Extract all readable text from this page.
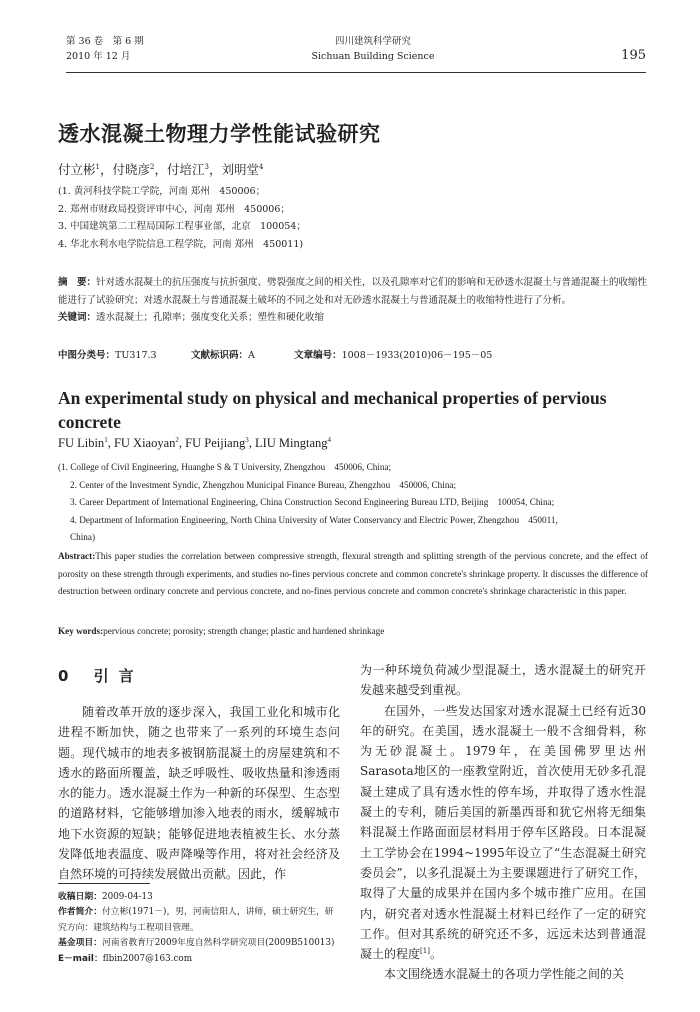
第 36 卷　第 6 期
2010 年 12 月
四川建筑科学研究
Sichuan Building Science	195
透水混凝土物理力学性能试验研究
付立彬$^1$，付晓彦$^2$，付培江$^3$，刘明堂$^4$
(1. 黄河科技学院工学院，河南 郑州　450006；
2. 郑州市财政局投资评审中心，河南 郑州　450006；
3. 中国建筑第二工程局国际工程事业部，北京　100054；
4. 华北水利水电学院信息工程学院，河南 郑州　450011)
摘　要：针对透水混凝土的抗压强度与抗折强度、劈裂强度之间的相关性，以及孔隙率对它们的影响和无砂透水混凝土与普通混凝土的收缩性能进行了试验研究；对透水混凝土与普通混凝土破坏的不同之处和对无砂透水混凝土与普通混凝土的收缩特性进行了分析。
关键词：透水混凝土；孔隙率；强度变化关系；塑性和硬化收缩
中图分类号：TU317.3	文献标识码：A	文章编号：1008－1933(2010)06－195－05
An experimental study on physical and mechanical properties of pervious concrete
FU Libin$^1$, FU Xiaoyan$^2$, FU Peijiang$^3$, LIU Mingtang$^4$
(1. College of Civil Engineering, Huanghe S & T University, Zhengzhou　450006, China;
2. Center of the Investment Syndic, Zhengzhou Municipal Finance Bureau, Zhengzhou　450006, China;
3. Career Department of International Engineering, China Construction Second Engineering Bureau LTD, Beijing　100054, China;
4. Department of Information Engineering, North China University of Water Conservancy and Electric Power, Zhengzhou　450011,
China)
Abstract:This paper studies the correlation between compressive strength, flexural strength and splitting strength of the pervious concrete, and the effect of porosity on these strength through experiments, and studies no-fines pervious concrete and common concrete's shrinkage property. It discusses the difference of destruction between ordinary concrete and pervious concrete, and no-fines pervious concrete and common concrete's shrinkage characteristic in this paper.
Key words:pervious concrete; porosity; strength change; plastic and hardened shrinkage
0 引言
随着改革开放的逐步深入，我国工业化和城市化进程不断加快，随之也带来了一系列的环境生态问题。现代城市的地表多被钢筋混凝土的房屋建筑和不透水的路面所覆盖，缺乏呼吸性、吸收热量和渗透雨水的能力。透水混凝土作为一种新的环保型、生态型的道路材料，它能够增加渗入地表的雨水，缓解城市地下水资源的短缺；能够促进地表植被生长、水分蒸发降低地表温度、吸声降噪等作用，将对社会经济及自然环境的可持续发展做出贡献。因此，作
为一种环境负荷减少型混凝土，透水混凝土的研究开发越来越受到重视。
在国外，一些发达国家对透水混凝土已经有近30年的研究。在美国，透水混凝土一般不含细骨料，称为无砂混凝土。1979年，在美国佛罗里达州Sarasota地区的一座教堂附近，首次使用无砂多孔混凝土建成了具有透水性的停车场，并取得了透水性混凝土的专利，随后美国的新墨西哥和犹它州将无细集料混凝土作路面面层材料用于停车区路段。日本混凝土工学协会在1994~1995年设立了“生态混凝土研究委员会”，以多孔混凝土为主要课题进行了研究工作，取得了大量的成果并在国内多个城市推广应用。在国内，研究者对透水性混凝土材料已经作了一定的研究工作。但对其系统的研究还不多，远远未达到普通混凝土的程度[1]。
本文围绕透水混凝土的各项力学性能之间的关
收稿日期：2009-04-13
作者简介：付立彬(1971－)，男，河南信阳人，讲师，硕士研究生，研究方向：建筑结构与工程项目管理。
基金项目：河南省教育厅2009年度自然科学研究项目(2009B510013)
E－mail：flbin2007@163.com
